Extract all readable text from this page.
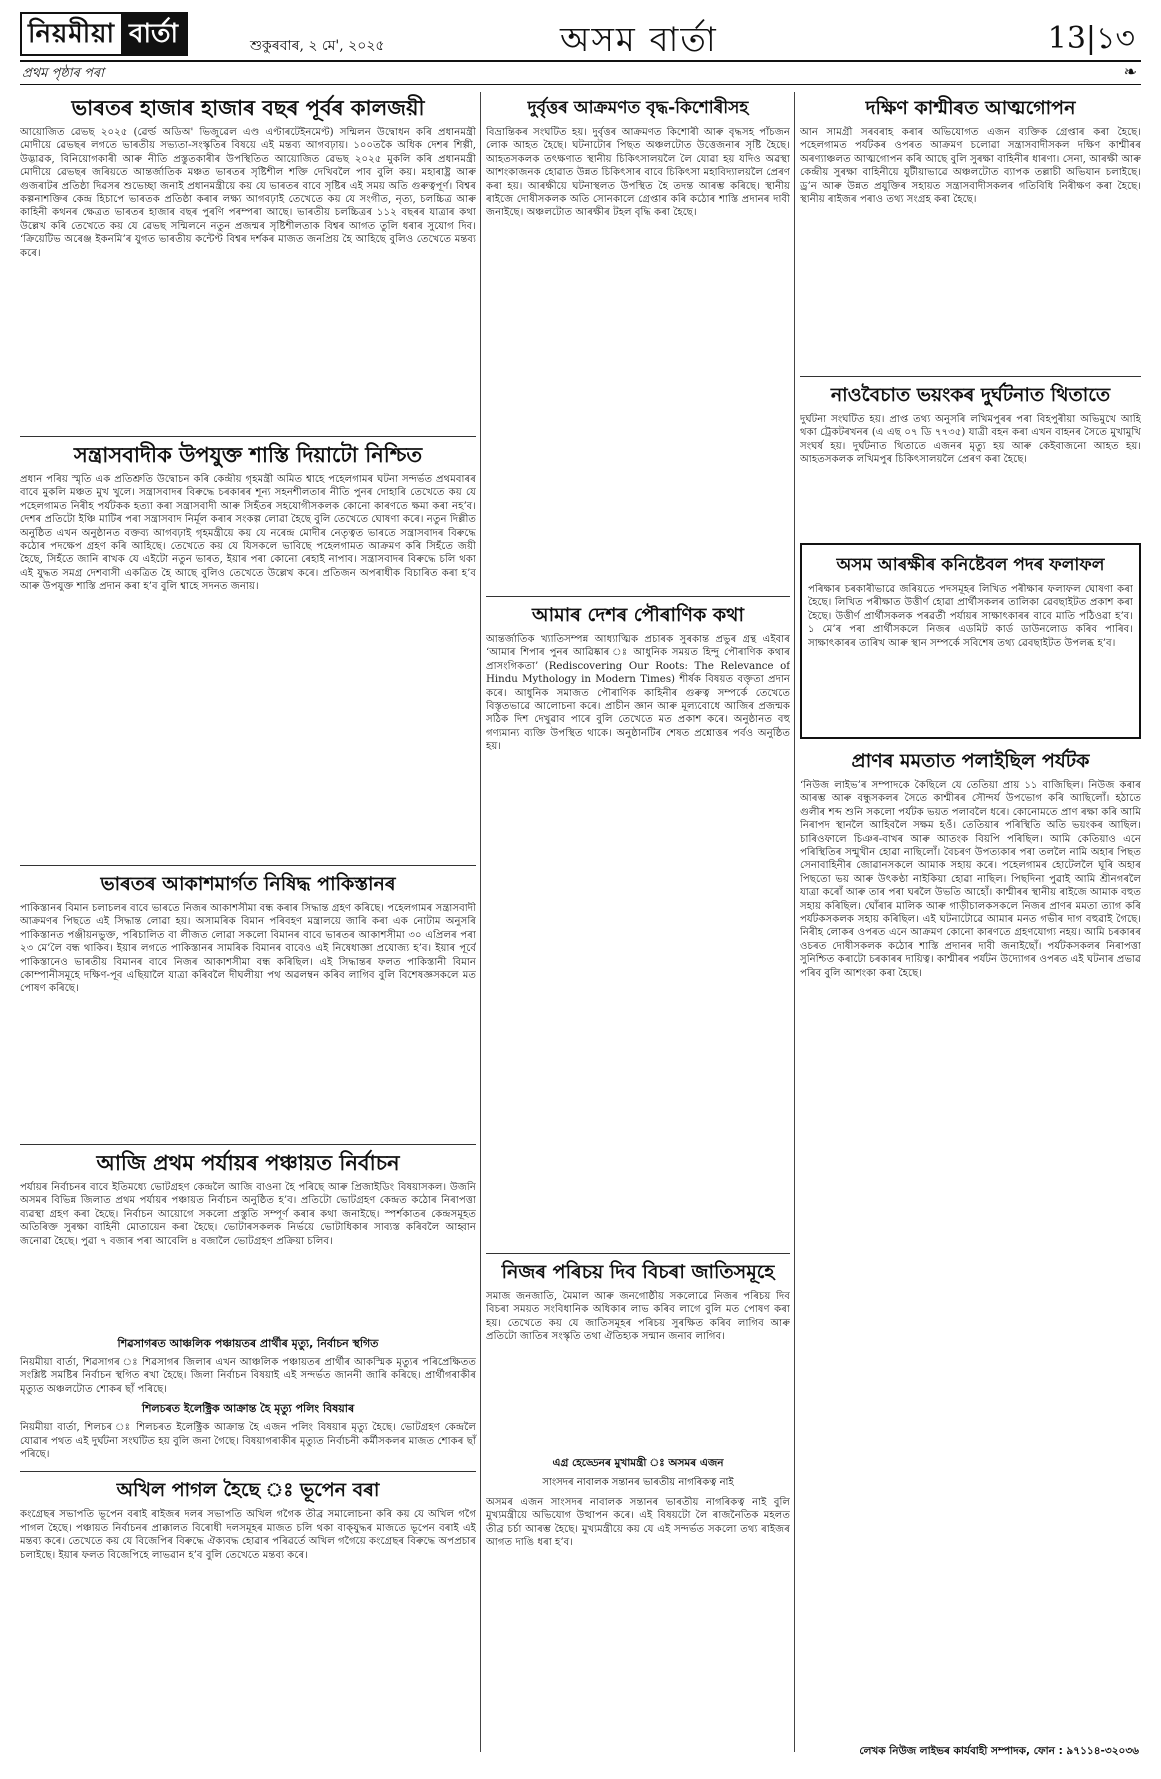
নিয়মীয়া বাৰ্তা	শুকুৰবাৰ, ২ মে', ২০২৫	অসম বাৰ্তা	13|১৩
প্ৰথম পৃষ্ঠাৰ পৰা	❧
ভাৰতৰ হাজাৰ হাজাৰ বছৰ পূৰ্বৰ কালজয়ী

আয়োজিত ৱেভছ ২০২৫ (ৱেৰ্ল্ড অডিঅ' ভিজুৱেল এণ্ড এণ্টাৰটেইনমেণ্ট) সন্মিলন উদ্বোধন কৰি প্ৰধানমন্ত্ৰী মোদীয়ে ৱেভছৰ লগতে ভাৰতীয় সভ্যতা-সংস্কৃতিৰ বিষয়ে এই মন্তব্য আগবঢ়ায়। ১০০তকৈ অধিক দেশৰ শিল্পী, উদ্ভাৱক, বিনিয়োগকাৰী আৰু নীতি প্ৰস্তুতকাৰীৰ উপস্থিতিত আয়োজিত ৱেভছ ২০২৫ মুকলি কৰি প্ৰধানমন্ত্ৰী মোদীয়ে ৱেভছৰ জৰিয়তে আন্তৰ্জাতিক মঞ্চত ভাৰতৰ সৃষ্টিশীল শক্তি দেখিবলৈ পাব বুলি কয়। মহাৰাষ্ট্ৰ আৰু গুজৰাটৰ প্ৰতিষ্ঠা দিৱসৰ শুভেচ্ছা জনাই প্ৰধানমন্ত্ৰীয়ে কয় যে ভাৰতৰ বাবে সৃষ্টিৰ এই সময় অতি গুৰুত্বপূৰ্ণ। বিশ্বৰ কল্পনাশক্তিৰ কেন্দ্ৰ হিচাপে ভাৰতক প্ৰতিষ্ঠা কৰাৰ লক্ষ্য আগবঢ়াই তেখেতে কয় যে সংগীত, নৃত্য, চলচ্চিত্ৰ আৰু কাহিনী কথনৰ ক্ষেত্ৰত ভাৰতৰ হাজাৰ বছৰ পুৰণি পৰম্পৰা আছে। ভাৰতীয় চলচ্চিত্ৰৰ ১১২ বছৰৰ যাত্ৰাৰ কথা উল্লেখ কৰি তেখেতে কয় যে ৱেভছ সন্মিলনে নতুন প্ৰজন্মৰ সৃষ্টিশীলতাক বিশ্বৰ আগত তুলি ধৰাৰ সুযোগ দিব। ‘ক্ৰিয়েটিভ অৰেঞ্জ ইকনমি’ৰ যুগত ভাৰতীয় কন্টেণ্ট বিশ্বৰ দৰ্শকৰ মাজত জনপ্ৰিয় হৈ আহিছে বুলিও তেখেতে মন্তব্য কৰে।

সন্ত্ৰাসবাদীক উপযুক্ত শাস্তি দিয়াটো নিশ্চিত

প্ৰধান পৰিয় স্মৃতি এক প্ৰতিশ্ৰুতি উদ্বোচন কৰি কেন্দ্ৰীয় গৃহমন্ত্ৰী অমিত শ্বাহে পহেলগামৰ ঘটনা সন্দৰ্ভত প্ৰথমবাৰৰ বাবে মুকলি মঞ্চত মুখ খুলে। সন্ত্ৰাসবাদৰ বিৰুদ্ধে চৰকাৰৰ শূন্য সহনশীলতাৰ নীতি পুনৰ দোহাৰি তেখেতে কয় যে পহেলগামত নিৰীহ পৰ্যটকক হত্যা কৰা সন্ত্ৰাসবাদী আৰু সিহঁতৰ সহযোগীসকলক কোনো কাৰণতে ক্ষমা কৰা নহ’ব। দেশৰ প্ৰতিটো ইঞ্চি মাটিৰ পৰা সন্ত্ৰাসবাদ নিৰ্মূল কৰাৰ সংকল্প লোৱা হৈছে বুলি তেখেতে ঘোষণা কৰে। নতুন দিল্লীত অনুষ্ঠিত এখন অনুষ্ঠানত বক্তব্য আগবঢ়াই গৃহমন্ত্ৰীয়ে কয় যে নৰেন্দ্ৰ মোদীৰ নেতৃত্বত ভাৰতে সন্ত্ৰাসবাদৰ বিৰুদ্ধে কঠোৰ পদক্ষেপ গ্ৰহণ কৰি আহিছে। তেখেতে কয় যে যিসকলে ভাবিছে পহেলগামত আক্ৰমণ কৰি সিহঁতে জয়ী হৈছে, সিহঁতে জানি ৰাখক যে এইটো নতুন ভাৰত, ইয়াৰ পৰা কোনো ৰেহাই নাপাব। সন্ত্ৰাসবাদৰ বিৰুদ্ধে চলি থকা এই যুদ্ধত সমগ্ৰ দেশবাসী একত্ৰিত হৈ আছে বুলিও তেখেতে উল্লেখ কৰে। প্ৰতিজন অপৰাধীক বিচাৰিত কৰা হ’ব আৰু উপযুক্ত শাস্তি প্ৰদান কৰা হ’ব বুলি শ্বাহে সদনত জনায়।

ভাৰতৰ আকাশমাৰ্গত নিষিদ্ধ পাকিস্তানৰ

পাকিস্তানৰ বিমান চলাচলৰ বাবে ভাৰতে নিজৰ আকাশসীমা বন্ধ কৰাৰ সিদ্ধান্ত গ্ৰহণ কৰিছে। পহেলগামৰ সন্ত্ৰাসবাদী আক্ৰমণৰ পিছতে এই সিদ্ধান্ত লোৱা হয়। অসামৰিক বিমান পৰিবহণ মন্ত্ৰালয়ে জাৰি কৰা এক নোটাম অনুসৰি পাকিস্তানত পঞ্জীয়নভুক্ত, পৰিচালিত বা লীজত লোৱা সকলো বিমানৰ বাবে ভাৰতৰ আকাশসীমা ৩০ এপ্ৰিলৰ পৰা ২৩ মে’লৈ বন্ধ থাকিব। ইয়াৰ লগতে পাকিস্তানৰ সামৰিক বিমানৰ বাবেও এই নিষেধাজ্ঞা প্ৰযোজ্য হ’ব। ইয়াৰ পূৰ্বে পাকিস্তানেও ভাৰতীয় বিমানৰ বাবে নিজৰ আকাশসীমা বন্ধ কৰিছিল। এই সিদ্ধান্তৰ ফলত পাকিস্তানী বিমান কোম্পানীসমূহে দক্ষিণ-পূব এছিয়ালৈ যাত্ৰা কৰিবলৈ দীঘলীয়া পথ অৱলম্বন কৰিব লাগিব বুলি বিশেষজ্ঞসকলে মত পোষণ কৰিছে।

আজি প্ৰথম পৰ্যায়ৰ পঞ্চায়ত নিৰ্বাচন

পৰ্যায়ৰ নিৰ্বাচনৰ বাবে ইতিমধ্যে ভোটগ্ৰহণ কেন্দ্ৰলৈ আজি বাওনা হৈ পৰিছে আৰু প্ৰিজাইডিং বিষয়াসকল। উজনি অসমৰ বিভিন্ন জিলাত প্ৰথম পৰ্যায়ৰ পঞ্চায়ত নিৰ্বাচন অনুষ্ঠিত হ’ব। প্ৰতিটো ভোটগ্ৰহণ কেন্দ্ৰত কঠোৰ নিৰাপত্তা ব্যৱস্থা গ্ৰহণ কৰা হৈছে। নিৰ্বাচন আয়োগে সকলো প্ৰস্তুতি সম্পূৰ্ণ কৰাৰ কথা জনাইছে। স্পৰ্শকাতৰ কেন্দ্ৰসমূহত অতিৰিক্ত সুৰক্ষা বাহিনী মোতায়েন কৰা হৈছে। ভোটাৰসকলক নিৰ্ভয়ে ভোটাধিকাৰ সাব্যস্ত কৰিবলৈ আহ্বান জনোৱা হৈছে। পুৱা ৭ বজাৰ পৰা আবেলি ৪ বজালৈ ভোটগ্ৰহণ প্ৰক্ৰিয়া চলিব।

শিৱসাগৰত আঞ্চলিক পঞ্চায়তৰ প্ৰাৰ্থীৰ মৃত্যু, নিৰ্বাচন স্থগিত

নিয়মীয়া বাৰ্তা, শিৱসাগৰ ঃ শিৱসাগৰ জিলাৰ এখন আঞ্চলিক পঞ্চায়তৰ প্ৰাৰ্থীৰ আকস্মিক মৃত্যুৰ পৰিপ্ৰেক্ষিতত সংশ্লিষ্ট সমষ্টিৰ নিৰ্বাচন স্থগিত ৰখা হৈছে। জিলা নিৰ্বাচন বিষয়াই এই সন্দৰ্ভত জাননী জাৰি কৰিছে। প্ৰাৰ্থীগৰাকীৰ মৃত্যুত অঞ্চলটোত শোকৰ ছাঁ পৰিছে।

শিলচৰত ইলেক্ট্ৰিক আক্ৰান্ত হৈ মৃত্যু পলিং বিষয়াৰ

নিয়মীয়া বাৰ্তা, শিলচৰ ঃ শিলচৰত ইলেক্ট্ৰিক আক্ৰান্ত হৈ এজন পলিং বিষয়াৰ মৃত্যু হৈছে। ভোটগ্ৰহণ কেন্দ্ৰলৈ যোৱাৰ পথত এই দুৰ্ঘটনা সংঘটিত হয় বুলি জনা গৈছে। বিষয়াগৰাকীৰ মৃত্যুত নিৰ্বাচনী কৰ্মীসকলৰ মাজত শোকৰ ছাঁ পৰিছে।

অখিল পাগল হৈছে ঃ ভূপেন বৰা

কংগ্ৰেছৰ সভাপতি ভূপেন বৰাই ৰাইজৰ দলৰ সভাপতি অখিল গগৈক তীব্ৰ সমালোচনা কৰি কয় যে অখিল গগৈ পাগল হৈছে। পঞ্চায়ত নিৰ্বাচনৰ প্ৰাক্কালত বিৰোধী দলসমূহৰ মাজত চলি থকা বাক্‌যুদ্ধৰ মাজতে ভূপেন বৰাই এই মন্তব্য কৰে। তেখেতে কয় যে বিজেপিৰ বিৰুদ্ধে ঐক্যবদ্ধ হোৱাৰ পৰিৱৰ্তে অখিল গগৈয়ে কংগ্ৰেছৰ বিৰুদ্ধে অপপ্ৰচাৰ চলাইছে। ইয়াৰ ফলত বিজেপিহে লাভৱান হ’ব বুলি তেখেতে মন্তব্য কৰে।

দুৰ্বৃত্তৰ আক্ৰমণত বৃদ্ধ-কিশোৰীসহ

বিভ্ৰান্তিকৰ সংঘটিত হয়। দুৰ্বৃত্তৰ আক্ৰমণত কিশোৰী আৰু বৃদ্ধসহ পাঁচজন লোক আহত হৈছে। ঘটনাটোৰ পিছত অঞ্চলটোত উত্তেজনাৰ সৃষ্টি হৈছে। আহতসকলক তৎক্ষণাত স্থানীয় চিকিৎসালয়লৈ লৈ যোৱা হয় যদিও অৱস্থা আশংকাজনক হোৱাত উন্নত চিকিৎসাৰ বাবে চিকিৎসা মহাবিদ্যালয়লৈ প্ৰেৰণ কৰা হয়। আৰক্ষীয়ে ঘটনাস্থলত উপস্থিত হৈ তদন্ত আৰম্ভ কৰিছে। স্থানীয় ৰাইজে দোষীসকলক অতি সোনকালে গ্ৰেপ্তাৰ কৰি কঠোৰ শাস্তি প্ৰদানৰ দাবী জনাইছে। অঞ্চলটোত আৰক্ষীৰ টহল বৃদ্ধি কৰা হৈছে।

আমাৰ দেশৰ পৌৰাণিক কথা

আন্তৰ্জাতিক খ্যাতিসম্পন্ন আধ্যাত্মিক প্ৰচাৰক সুৰকান্ত প্ৰভুৰ গ্ৰন্থ এইবাৰ ‘আমাৰ শিপাৰ পুনৰ আৱিষ্কাৰ ঃ আধুনিক সময়ত হিন্দু পৌৰাণিক কথাৰ প্ৰাসংগিকতা’ (Rediscovering Our Roots: The Relevance of Hindu Mythology in Modern Times) শীৰ্ষক বিষয়ত বক্তৃতা প্ৰদান কৰে। আধুনিক সমাজত পৌৰাণিক কাহিনীৰ গুৰুত্ব সম্পৰ্কে তেখেতে বিস্তৃতভাৱে আলোচনা কৰে। প্ৰাচীন জ্ঞান আৰু মূল্যবোধে আজিৰ প্ৰজন্মক সঠিক দিশ দেখুৱাব পাৰে বুলি তেখেতে মত প্ৰকাশ কৰে। অনুষ্ঠানত বহু গণ্যমান্য ব্যক্তি উপস্থিত থাকে। অনুষ্ঠানটিৰ শেষত প্ৰশ্নোত্তৰ পৰ্বও অনুষ্ঠিত হয়।

নিজৰ পৰিচয় দিব বিচৰা জাতিসমূহে

সমাজ জনজাতি, মৈমাল আৰু জনগোষ্ঠীয় সকলোৱে নিজৰ পৰিচয় দিব বিচৰা সময়ত সংবিধানিক অধিকাৰ লাভ কৰিব লাগে বুলি মত পোষণ কৰা হয়। তেখেতে কয় যে জাতিসমূহৰ পৰিচয় সুৰক্ষিত কৰিব লাগিব আৰু প্ৰতিটো জাতিৰ সংস্কৃতি তথা ঐতিহ্যক সন্মান জনাব লাগিব।

এগ্ৰ হেড্ডেনৰ মুখামন্ত্ৰী ঃ অসমৰ এজন
সাংসদৰ নাবালক সন্তানৰ ভাৰতীয় নাগৰিকত্ব নাই

অসমৰ এজন সাংসদৰ নাবালক সন্তানৰ ভাৰতীয় নাগৰিকত্ব নাই বুলি মুখ্যমন্ত্ৰীয়ে অভিযোগ উত্থাপন কৰে। এই বিষয়টো লৈ ৰাজনৈতিক মহলত তীব্ৰ চৰ্চা আৰম্ভ হৈছে। মুখ্যমন্ত্ৰীয়ে কয় যে এই সন্দৰ্ভত সকলো তথ্য ৰাইজৰ আগত দাঙি ধৰা হ’ব।

দক্ষিণ কাশ্মীৰত আত্মগোপন

আন সামগ্ৰী সৰবৰাহ কৰাৰ অভিযোগত এজন ব্যক্তিক গ্ৰেপ্তাৰ কৰা হৈছে। পহেলগামত পৰ্যটকৰ ওপৰত আক্ৰমণ চলোৱা সন্ত্ৰাসবাদীসকল দক্ষিণ কাশ্মীৰৰ অৰণ্যাঞ্চলত আত্মগোপন কৰি আছে বুলি সুৰক্ষা বাহিনীৰ ধাৰণা। সেনা, আৰক্ষী আৰু কেন্দ্ৰীয় সুৰক্ষা বাহিনীয়ে যুটীয়াভাৱে অঞ্চলটোত ব্যাপক তল্লাচী অভিযান চলাইছে। ড্ৰ’ন আৰু উন্নত প্ৰযুক্তিৰ সহায়ত সন্ত্ৰাসবাদীসকলৰ গতিবিধি নিৰীক্ষণ কৰা হৈছে। স্থানীয় ৰাইজৰ পৰাও তথ্য সংগ্ৰহ কৰা হৈছে।

নাওবৈচাত ভয়ংকৰ দুৰ্ঘটনাত থিতাতে

দুৰ্ঘটনা সংঘটিত হয়। প্ৰাপ্ত তথ্য অনুসৰি লখিমপুৰৰ পৰা বিহপুৰীয়া অভিমুখে আহি থকা ট্ৰেকটৰখনৰ (এ এছ ০৭ ডি ৭৭৩৫) যাত্ৰী বহন কৰা এখন বাহনৰ সৈতে মুখামুখি সংঘৰ্ষ হয়। দুৰ্ঘটনাত থিতাতে এজনৰ মৃত্যু হয় আৰু কেইবাজনো আহত হয়। আহতসকলক লখিমপুৰ চিকিৎসালয়লৈ প্ৰেৰণ কৰা হৈছে।

অসম আৰক্ষীৰ কনিষ্টেবল পদৰ ফলাফল

পৰিক্ষাৰ চৰকাৰীভাৱে জৰিয়তে পদসমূহৰ লিখিত পৰীক্ষাৰ ফলাফল ঘোষণা কৰা হৈছে। লিখিত পৰীক্ষাত উত্তীৰ্ণ হোৱা প্ৰাৰ্থীসকলৰ তালিকা ৱেবছাইটত প্ৰকাশ কৰা হৈছে। উত্তীৰ্ণ প্ৰাৰ্থীসকলক পৰৱৰ্তী পৰ্যায়ৰ সাক্ষাৎকাৰৰ বাবে মাতি পঠিওৱা হ’ব। ১ মে’ৰ পৰা প্ৰাৰ্থীসকলে নিজৰ এডমিট কাৰ্ড ডাউনলোড কৰিব পাৰিব। সাক্ষাৎকাৰৰ তাৰিখ আৰু স্থান সম্পৰ্কে সবিশেষ তথ্য ৱেবছাইটত উপলব্ধ হ’ব।

প্ৰাণৰ মমতাত পলাইছিল পৰ্যটক

‘নিউজ লাইভ’ৰ সম্পাদকে কৈছিলে যে তেতিয়া প্ৰায় ১১ বাজিছিল। নিউজ কৰাৰ আৰম্ভ আৰু বন্ধুসকলৰ সৈতে কাশ্মীৰৰ সৌন্দৰ্য উপভোগ কৰি আছিলোঁ। হঠাতে গুলীৰ শব্দ শুনি সকলো পৰ্যটক ভয়ত পলাবলৈ ধৰে। কোনোমতে প্ৰাণ ৰক্ষা কৰি আমি নিৰাপদ স্থানলৈ আহিবলৈ সক্ষম হওঁ। তেতিয়াৰ পৰিস্থিতি অতি ভয়ংকৰ আছিল। চাৰিওফালে চিঞৰ-বাখৰ আৰু আতংক বিয়পি পৰিছিল। আমি কেতিয়াও এনে পৰিস্থিতিৰ সন্মুখীন হোৱা নাছিলোঁ। বৈচৰণ উপত্যকাৰ পৰা তললৈ নামি অহাৰ পিছত সেনাবাহিনীৰ জোৱানসকলে আমাক সহায় কৰে। পহেলগামৰ হোটেললৈ ঘূৰি অহাৰ পিছতো ভয় আৰু উৎকণ্ঠা নাইকিয়া হোৱা নাছিল। পিছদিনা পুৱাই আমি শ্ৰীনগৰলৈ যাত্ৰা কৰোঁ আৰু তাৰ পৰা ঘৰলৈ উভতি আহোঁ। কাশ্মীৰৰ স্থানীয় ৰাইজে আমাক বহুত সহায় কৰিছিল। ঘোঁৰাৰ মালিক আৰু গাড়ীচালকসকলে নিজৰ প্ৰাণৰ মমতা ত্যাগ কৰি পৰ্যটকসকলক সহায় কৰিছিল। এই ঘটনাটোৱে আমাৰ মনত গভীৰ দাগ বহুৱাই গৈছে। নিৰীহ লোকৰ ওপৰত এনে আক্ৰমণ কোনো কাৰণতে গ্ৰহণযোগ্য নহয়। আমি চৰকাৰৰ ওচৰত দোষীসকলক কঠোৰ শাস্তি প্ৰদানৰ দাবী জনাইছোঁ। পৰ্যটকসকলৰ নিৰাপত্তা সুনিশ্চিত কৰাটো চৰকাৰৰ দায়িত্ব। কাশ্মীৰৰ পৰ্যটন উদ্যোগৰ ওপৰত এই ঘটনাৰ প্ৰভাৱ পৰিব বুলি আশংকা কৰা হৈছে।

লেখক নিউজ লাইভৰ কাৰ্যবাহী সম্পাদক, ফোন : ৯৭১১৪-৩২০৩৬
